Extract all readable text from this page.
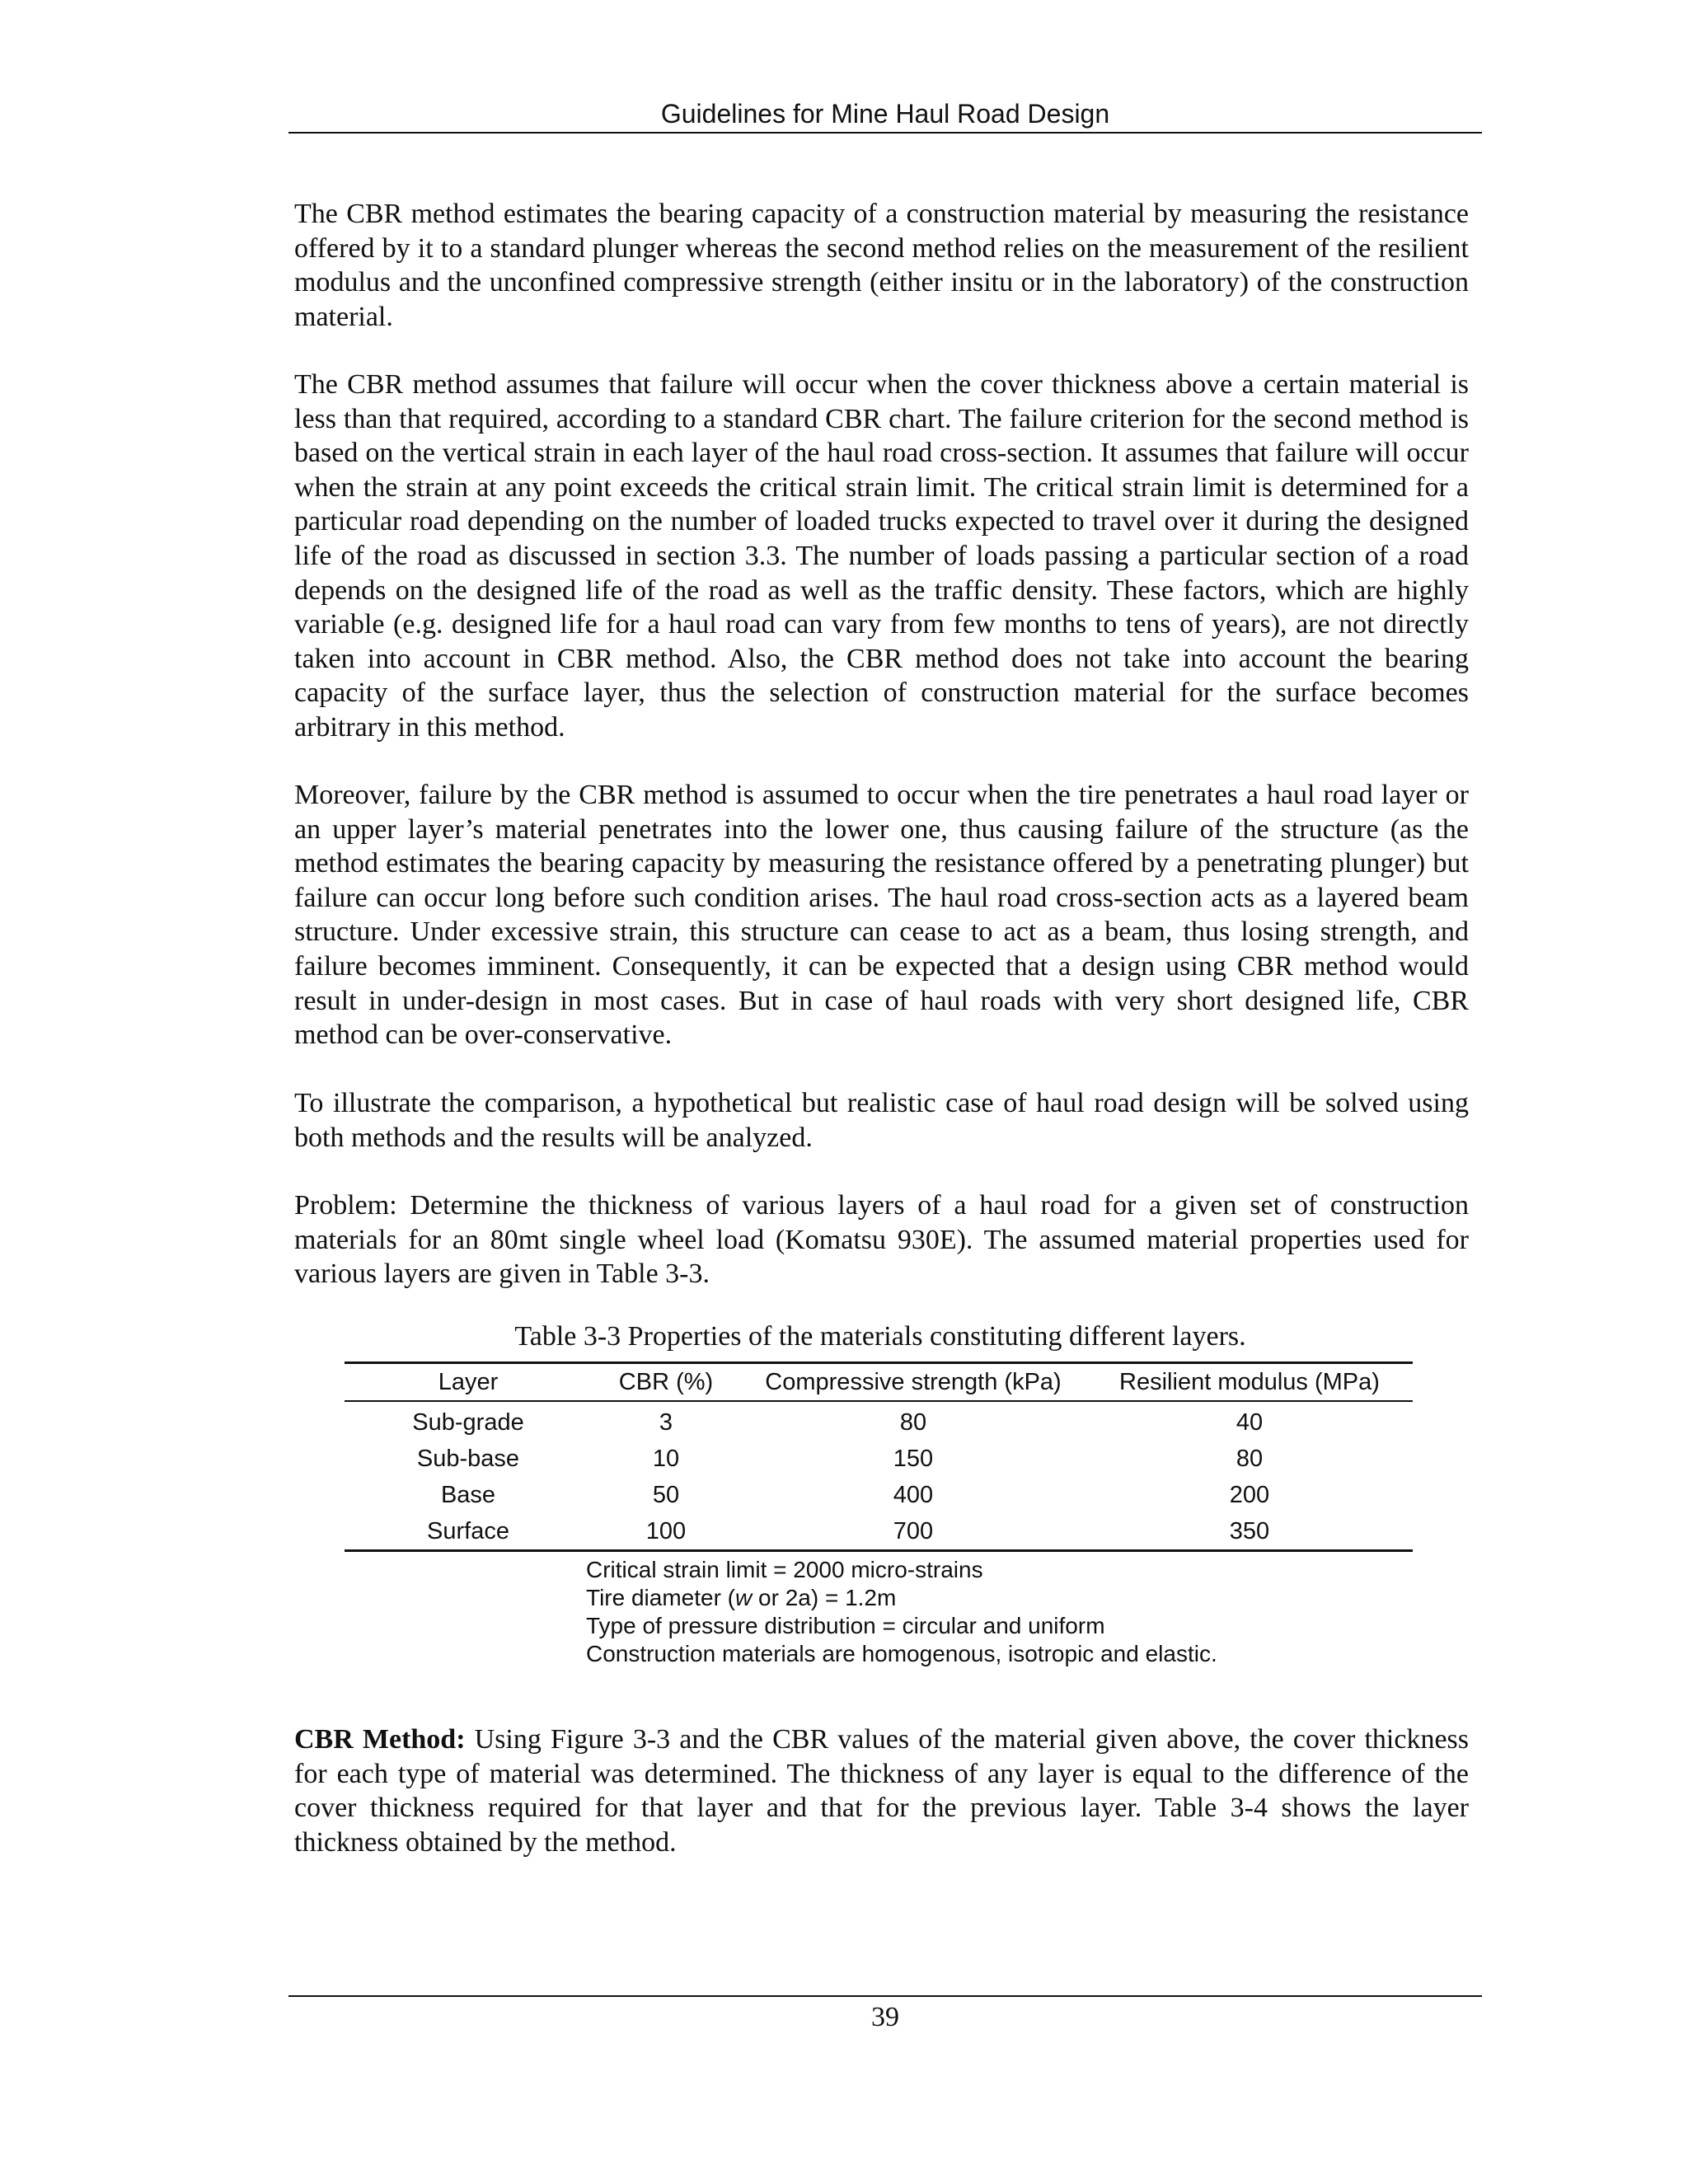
Guidelines for Mine Haul Road Design

The CBR method estimates the bearing capacity of a construction material by measuring the resistance offered by it to a standard plunger whereas the second method relies on the measurement of the resilient modulus and the unconfined compressive strength (either insitu or in the laboratory) of the construction material.

The CBR method assumes that failure will occur when the cover thickness above a certain material is less than that required, according to a standard CBR chart. The failure criterion for the second method is based on the vertical strain in each layer of the haul road cross-section. It assumes that failure will occur when the strain at any point exceeds the critical strain limit. The critical strain limit is determined for a particular road depending on the number of loaded trucks expected to travel over it during the designed life of the road as discussed in section 3.3. The number of loads passing a particular section of a road depends on the designed life of the road as well as the traffic density. These factors, which are highly variable (e.g. designed life for a haul road can vary from few months to tens of years), are not directly taken into account in CBR method. Also, the CBR method does not take into account the bearing capacity of the surface layer, thus the selection of construction material for the surface becomes arbitrary in this method.

Moreover, failure by the CBR method is assumed to occur when the tire penetrates a haul road layer or an upper layer’s material penetrates into the lower one, thus causing failure of the structure (as the method estimates the bearing capacity by measuring the resistance offered by a penetrating plunger) but failure can occur long before such condition arises. The haul road cross-section acts as a layered beam structure. Under excessive strain, this structure can cease to act as a beam, thus losing strength, and failure becomes imminent. Consequently, it can be expected that a design using CBR method would result in under-design in most cases. But in case of haul roads with very short designed life, CBR method can be over-conservative.

To illustrate the comparison, a hypothetical but realistic case of haul road design will be solved using both methods and the results will be analyzed.

Problem: Determine the thickness of various layers of a haul road for a given set of construction materials for an 80mt single wheel load (Komatsu 930E). The assumed material properties used for various layers are given in Table 3-3.

Table 3-3 Properties of the materials constituting different layers.
Layer	CBR (%)	Compressive strength (kPa)	Resilient modulus (MPa)
Sub-grade	3	80	40
Sub-base	10	150	80
Base	50	400	200
Surface	100	700	350
Critical strain limit = 2000 micro-strains
Tire diameter (w or 2a) = 1.2m
Type of pressure distribution = circular and uniform
Construction materials are homogenous, isotropic and elastic.

CBR Method: Using Figure 3-3 and the CBR values of the material given above, the cover thickness for each type of material was determined. The thickness of any layer is equal to the difference of the cover thickness required for that layer and that for the previous layer. Table 3-4 shows the layer thickness obtained by the method.

39
